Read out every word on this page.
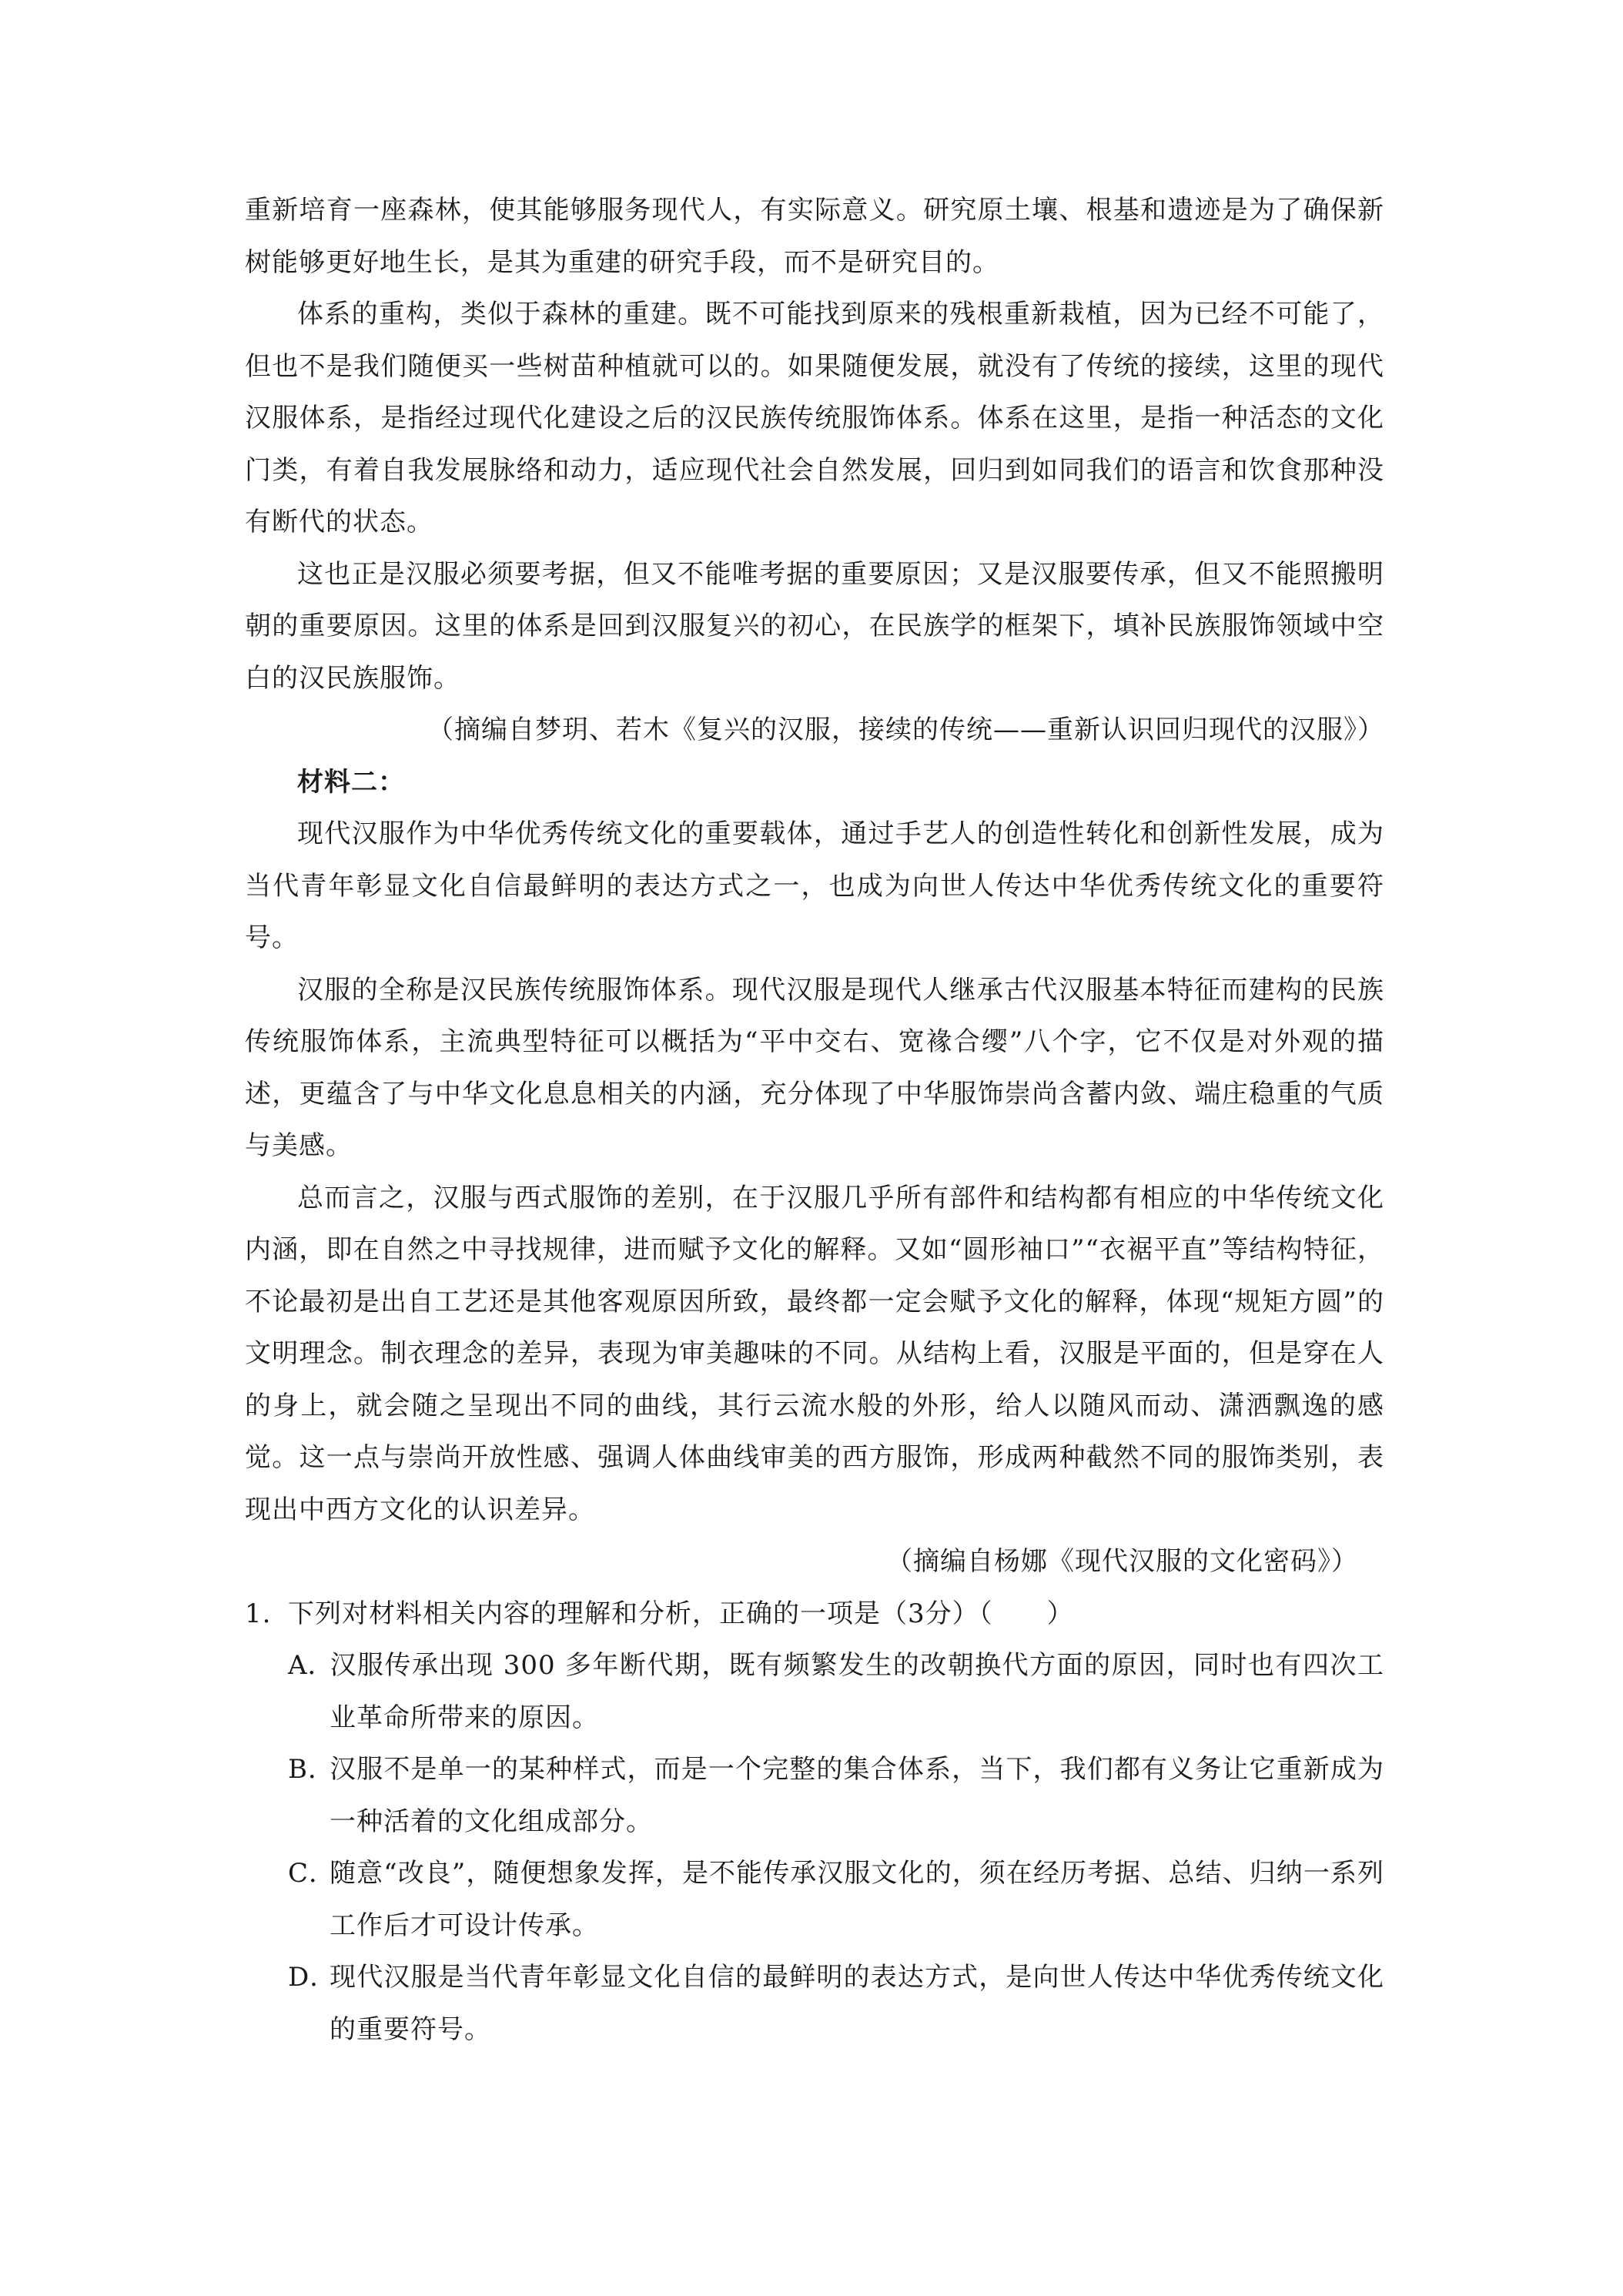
重新培育一座森林，使其能够服务现代人，有实际意义。研究原土壤、根基和遗迹是为了确保新树能够更好地生长，是其为重建的研究手段，而不是研究目的。

体系的重构，类似于森林的重建。既不可能找到原来的残根重新栽植，因为已经不可能了，但也不是我们随便买一些树苗种植就可以的。如果随便发展，就没有了传统的接续，这里的现代汉服体系，是指经过现代化建设之后的汉民族传统服饰体系。体系在这里，是指一种活态的文化门类，有着自我发展脉络和动力，适应现代社会自然发展，回归到如同我们的语言和饮食那种没有断代的状态。

这也正是汉服必须要考据，但又不能唯考据的重要原因；又是汉服要传承，但又不能照搬明朝的重要原因。这里的体系是回到汉服复兴的初心，在民族学的框架下，填补民族服饰领域中空白的汉民族服饰。

（摘编自梦玥、若木《复兴的汉服，接续的传统——重新认识回归现代的汉服》）

材料二：

现代汉服作为中华优秀传统文化的重要载体，通过手艺人的创造性转化和创新性发展，成为当代青年彰显文化自信最鲜明的表达方式之一，也成为向世人传达中华优秀传统文化的重要符号。

汉服的全称是汉民族传统服饰体系。现代汉服是现代人继承古代汉服基本特征而建构的民族传统服饰体系，主流典型特征可以概括为“平中交右、宽褖合缨”八个字，它不仅是对外观的描述，更蕴含了与中华文化息息相关的内涵，充分体现了中华服饰崇尚含蓄内敛、端庄稳重的气质与美感。

总而言之，汉服与西式服饰的差别，在于汉服几乎所有部件和结构都有相应的中华传统文化内涵，即在自然之中寻找规律，进而赋予文化的解释。又如“圆形袖口”“衣裾平直”等结构特征，不论最初是出自工艺还是其他客观原因所致，最终都一定会赋予文化的解释，体现“规矩方圆”的文明理念。制衣理念的差异，表现为审美趣味的不同。从结构上看，汉服是平面的，但是穿在人的身上，就会随之呈现出不同的曲线，其行云流水般的外形，给人以随风而动、潇洒飘逸的感觉。这一点与崇尚开放性感、强调人体曲线审美的西方服饰，形成两种截然不同的服饰类别，表现出中西方文化的认识差异。

（摘编自杨娜《现代汉服的文化密码》）

1. 下列对材料相关内容的理解和分析，正确的一项是（3分）（　　）

A．汉服传承出现 300 多年断代期，既有频繁发生的改朝换代方面的原因，同时也有四次工业革命所带来的原因。

B．汉服不是单一的某种样式，而是一个完整的集合体系，当下，我们都有义务让它重新成为一种活着的文化组成部分。

C．随意“改良”，随便想象发挥，是不能传承汉服文化的，须在经历考据、总结、归纳一系列工作后才可设计传承。

D．现代汉服是当代青年彰显文化自信的最鲜明的表达方式，是向世人传达中华优秀传统文化的重要符号。
